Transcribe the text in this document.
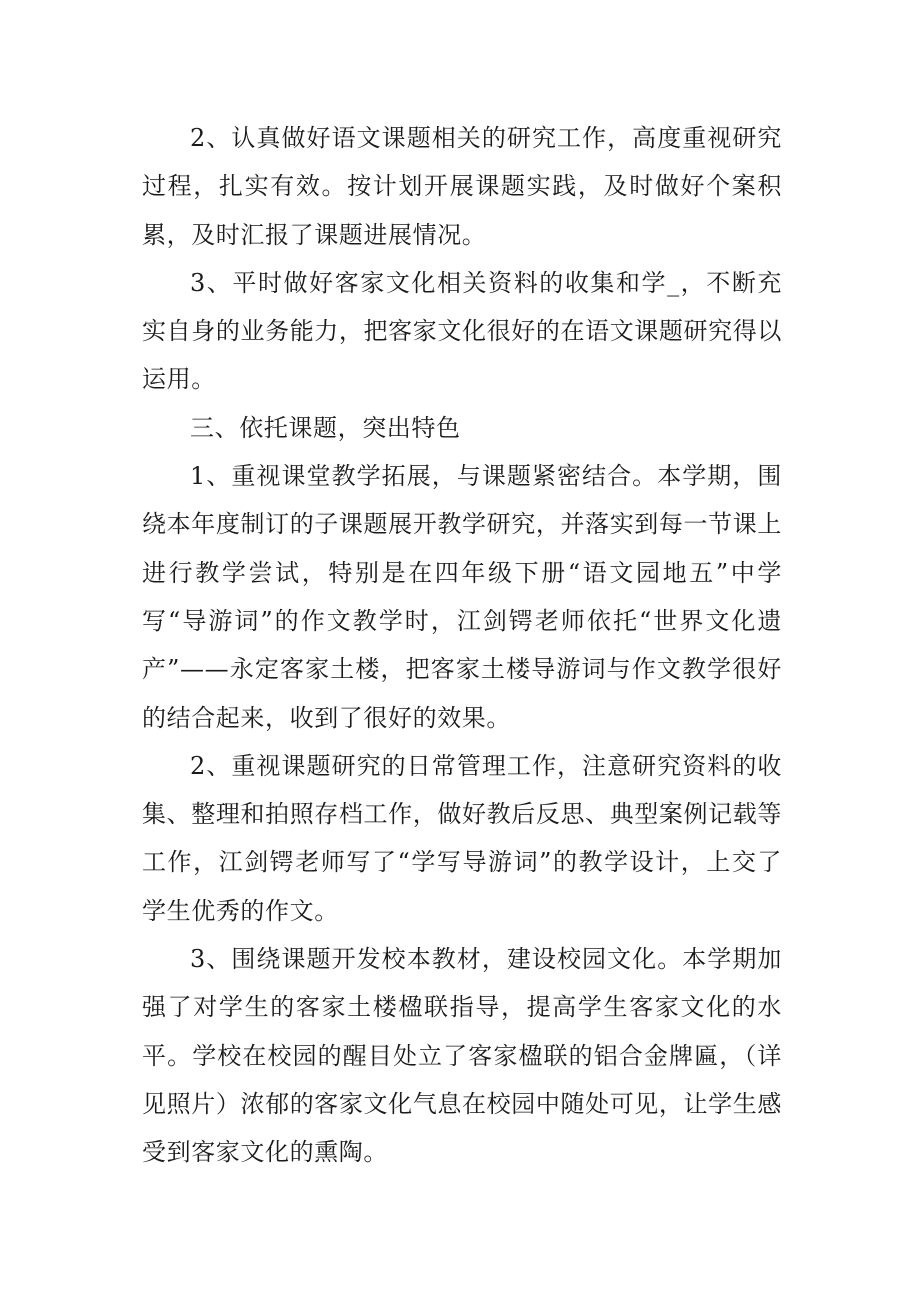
2、认真做好语文课题相关的研究工作，高度重视研究过程，扎实有效。按计划开展课题实践，及时做好个案积累，及时汇报了课题进展情况。

3、平时做好客家文化相关资料的收集和学_，不断充实自身的业务能力，把客家文化很好的在语文课题研究得以运用。

三、依托课题，突出特色

1、重视课堂教学拓展，与课题紧密结合。本学期，围绕本年度制订的子课题展开教学研究，并落实到每一节课上进行教学尝试，特别是在四年级下册“语文园地五”中学写“导游词”的作文教学时，江剑锷老师依托“世界文化遗产”——永定客家土楼，把客家土楼导游词与作文教学很好的结合起来，收到了很好的效果。

2、重视课题研究的日常管理工作，注意研究资料的收集、整理和拍照存档工作，做好教后反思、典型案例记载等工作，江剑锷老师写了“学写导游词”的教学设计，上交了学生优秀的作文。

3、围绕课题开发校本教材，建设校园文化。本学期加强了对学生的客家土楼楹联指导，提高学生客家文化的水平。学校在校园的醒目处立了客家楹联的铝合金牌匾，（详见照片）浓郁的客家文化气息在校园中随处可见，让学生感受到客家文化的熏陶。
